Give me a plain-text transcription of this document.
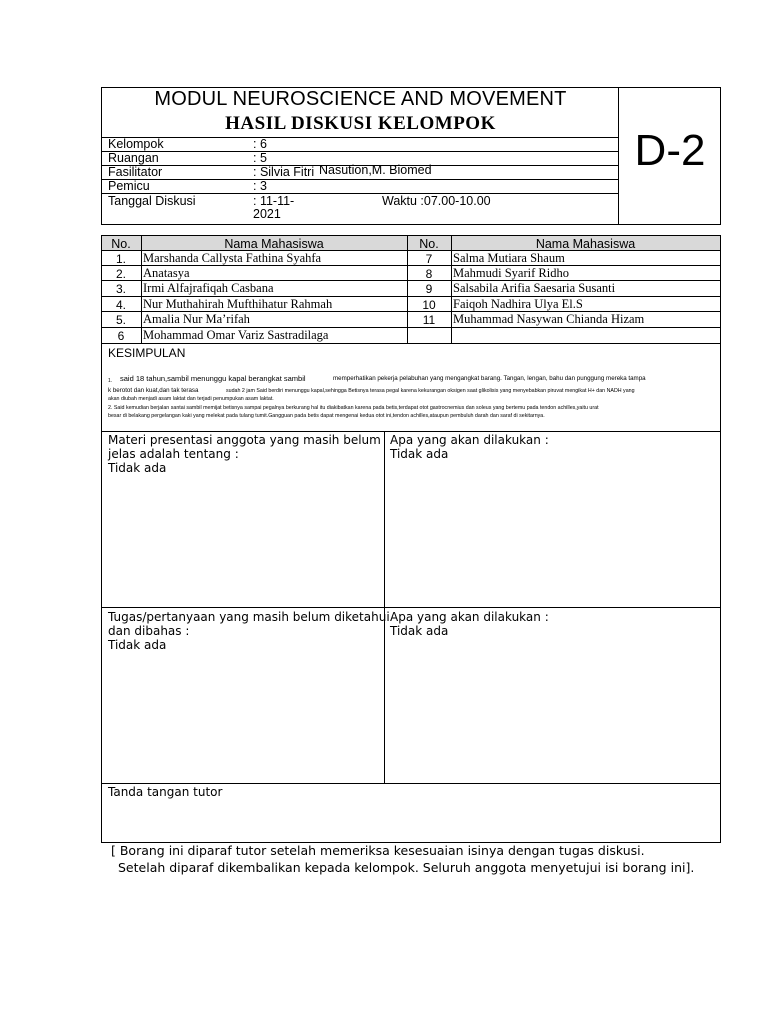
MODUL NEUROSCIENCE AND MOVEMENT
HASIL DISKUSI KELOMPOK
D-2
Kelompok	: 6
Ruangan	: 5
Fasilitator	: Silvia Fitri Nasution,M. Biomed
Pemicu	: 3
Tanggal Diskusi	: 11-11-
2021
Waktu :07.00-10.00
No.	Nama Mahasiswa	No.	Nama Mahasiswa
1.	Marshanda Callysta Fathina Syahfa	7	Salma Mutiara Shaum
2.	Anatasya	8	Mahmudi Syarif Ridho
3.	Irmi Alfajrafiqah Casbana	9	Salsabila Arifia Saesaria Susanti
4.	Nur Muthahirah Mufthihatur Rahmah	10	Faiqoh Nadhira Ulya El.S
5.	Amalia Nur Ma’rifah	11	Muhammad Nasywan Chianda Hizam
6	Mohammad Omar Variz Sastradilaga
KESIMPULAN
1. said 18 tahun,sambil menunggu kapal berangkat sambil	memperhatikan pekerja pelabuhan yang mengangkat barang. Tangan, lengan, bahu dan punggung mereka tampa
k berotot dan kuat,dan tak terasa	sudah 2 jam Said berdiri menunggu kapal,sehingga Betisnya terasa pegal karena kekurangan oksigen saat glikolisis yang menyebabkan piruvat mengikat H+ dan NADH yang
akan diubah menjadi asam laktat dan terjadi penumpukan asam laktat.
2. Said kemudian berjalan santai sambil memijat betisnya sampai pegalnya berkurang hal itu diakibatkan karena pada betis,terdapat otot gastrocnemius dan soleus yang bertemu pada tendon achilles,yaitu urat
besar di belakang pergelangan kaki yang melekat pada tulang tumit.Gangguan pada betis dapat mengenai kedua otot ini,tendon achilles,ataupun pembuluh darah dan saraf di sekitarnya.
Materi presentasi anggota yang masih belum
jelas adalah tentang :
Tidak ada
Apa yang akan dilakukan :
Tidak ada
Tugas/pertanyaan yang masih belum diketahui
dan dibahas :
Tidak ada
Apa yang akan dilakukan :
Tidak ada
Tanda tangan tutor
[ Borang ini diparaf tutor setelah memeriksa kesesuaian isinya dengan tugas diskusi.
Setelah diparaf dikembalikan kepada kelompok. Seluruh anggota menyetujui isi borang ini].
